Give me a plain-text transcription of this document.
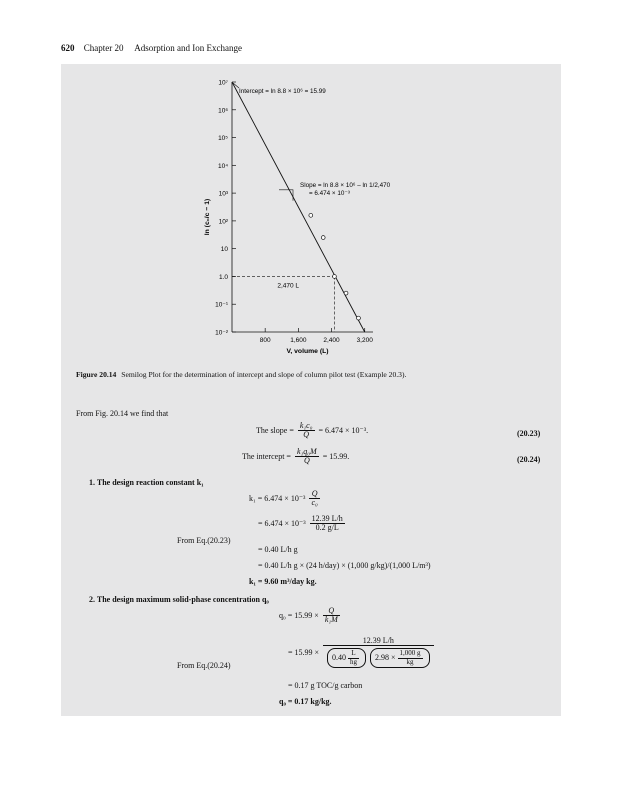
620 Chapter 20 Adsorption and Ion Exchange
10⁷
10⁶
10⁵
10⁴
10³
10²
10
1.0
10⁻¹
10⁻²
800	1,600	2,400	3,200
V, volume (L)
ln (c₀/c − 1)
2,470 L
Intercept = ln 8.8 × 10⁶ = 15.99
Slope = ln 8.8 × 10⁶ – ln 1/2,470
= 6.474 × 10⁻³
Figure 20.14 Semilog Plot for the determination of intercept and slope of column pilot test (Example 20.3).
From Fig. 20.14 we find that
The slope = $\frac{\text{k₁c₀}}{Q} = 6.474 \times 10^{-3}$.	(20.23)
The intercept = $\frac{\text{k₁q₀M}}{Q} = 15.99$.	(20.24)
1. The design reaction constant k₁
$k_1 = 6.474 \times 10^{-3} \frac{Q}{\text{c₀}}$
= $6.474 \times 10^{-3} \frac{12.39 L/h}{0.2 g/L}$
From Eq.(20.23)
= 0.40 L/h g
= 0.40 L/h g × (24 h/day) × (1,000 g/kg)/(1,000 L/m³)
k₁ = 9.60 m³/day kg.
2. The design maximum solid-phase concentration q₀
$q_0 = 15.99 \times \frac{Q}{\text{k₁M}}$
= 15.99 ×
12.39 L/h
$0.40 \frac{L}{hg} 2.98 \times \frac{1,000 g}{kg}$
From Eq.(20.24)
= 0.17 g TOC/g carbon
q₀ = 0.17 kg/kg.
